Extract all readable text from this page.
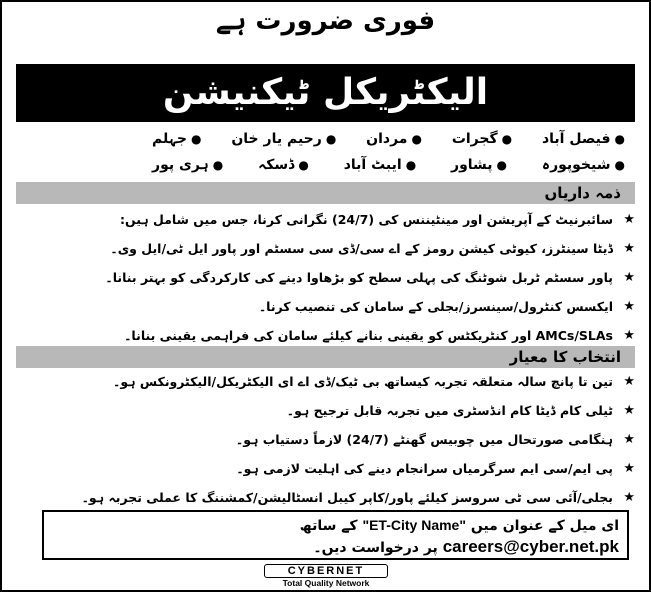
فوری ضرورت ہے
الیکٹریکل ٹیکنیشن
●فیصل آباد
●گجرات
●مردان
●رحیم یار خان
●جہلم
●شیخوپورہ
●پشاور
●ایبٹ آباد
●ڈسکہ
●ہری پور
ذمہ داریاں
★
سائبرنیٹ کے آپریشن اور مینٹیننس کی (24/7) نگرانی کرنا، جس میں شامل ہیں:
★
ڈیٹا سینٹرز، کیوٹی کیشن رومز کے اے سی/ڈی سی سسٹم اور پاور ایل ٹی/ایل وی۔
★
پاور سسٹم ٹربل شوٹنگ کی پہلی سطح کو بڑھاوا دینے کی کارکردگی کو بہتر بنانا۔
★
ایکسس کنٹرول/سینسرز/بجلی کے سامان کی تنصیب کرنا۔
★
AMCs/SLAs اور کنٹریکٹس کو یقینی بنانے کیلئے سامان کی فراہمی یقینی بنانا۔
انتخاب کا معیار
★
تین تا پانچ سالہ متعلقہ تجربہ کیساتھ بی ٹیک/ڈی اے ای الیکٹریکل/الیکٹرونکس ہو۔
★
ٹیلی کام ڈیٹا کام انڈسٹری میں تجربہ قابل ترجیح ہو۔
★
ہنگامی صورتحال میں چوبیس گھنٹے (24/7) لازماً دستیاب ہو۔
★
پی ایم/سی ایم سرگرمیاں سرانجام دینے کی اہلیت لازمی ہو۔
★
بجلی/آئی سی ٹی سروسز کیلئے پاور/کاپر کیبل انسٹالیشن/کمشننگ کا عملی تجربہ ہو۔
ای میل کے عنوان میں "ET-City Name" کے ساتھ
careers@cyber.net.pk پر درخواست دیں۔
CYBERNET
Total Quality Network
